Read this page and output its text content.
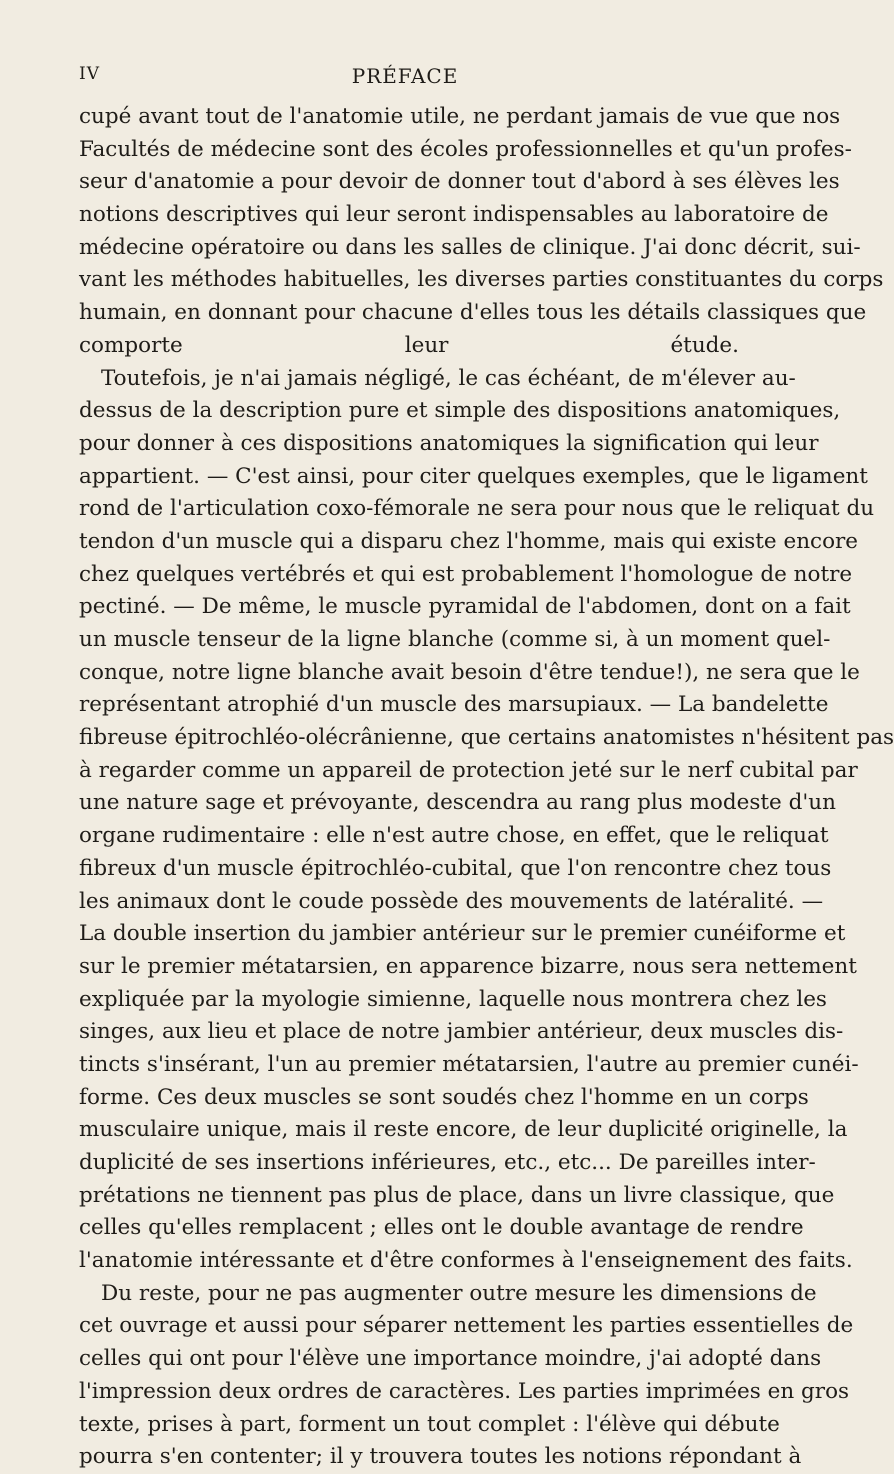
IV	PRÉFACE
cupé avant tout de l'anatomie utile, ne perdant jamais de vue que nos
Facultés de médecine sont des écoles professionnelles et qu'un profes-
seur d'anatomie a pour devoir de donner tout d'abord à ses élèves les
notions descriptives qui leur seront indispensables au laboratoire de
médecine opératoire ou dans les salles de clinique. J'ai donc décrit, sui-
vant les méthodes habituelles, les diverses parties constituantes du corps
humain, en donnant pour chacune d'elles tous les détails classiques que
comporte leur étude.
Toutefois, je n'ai jamais négligé, le cas échéant, de m'élever au-
dessus de la description pure et simple des dispositions anatomiques,
pour donner à ces dispositions anatomiques la signification qui leur
appartient. — C'est ainsi, pour citer quelques exemples, que le ligament
rond de l'articulation coxo-fémorale ne sera pour nous que le reliquat du
tendon d'un muscle qui a disparu chez l'homme, mais qui existe encore
chez quelques vertébrés et qui est probablement l'homologue de notre
pectiné. — De même, le muscle pyramidal de l'abdomen, dont on a fait
un muscle tenseur de la ligne blanche (comme si, à un moment quel-
conque, notre ligne blanche avait besoin d'être tendue!), ne sera que le
représentant atrophié d'un muscle des marsupiaux. — La bandelette
fibreuse épitrochléo-olécrânienne, que certains anatomistes n'hésitent pas
à regarder comme un appareil de protection jeté sur le nerf cubital par
une nature sage et prévoyante, descendra au rang plus modeste d'un
organe rudimentaire : elle n'est autre chose, en effet, que le reliquat
fibreux d'un muscle épitrochléo-cubital, que l'on rencontre chez tous
les animaux dont le coude possède des mouvements de latéralité. —
La double insertion du jambier antérieur sur le premier cunéiforme et
sur le premier métatarsien, en apparence bizarre, nous sera nettement
expliquée par la myologie simienne, laquelle nous montrera chez les
singes, aux lieu et place de notre jambier antérieur, deux muscles dis-
tincts s'insérant, l'un au premier métatarsien, l'autre au premier cunéi-
forme. Ces deux muscles se sont soudés chez l'homme en un corps
musculaire unique, mais il reste encore, de leur duplicité originelle, la
duplicité de ses insertions inférieures, etc., etc... De pareilles inter-
prétations ne tiennent pas plus de place, dans un livre classique, que
celles qu'elles remplacent ; elles ont le double avantage de rendre
l'anatomie intéressante et d'être conformes à l'enseignement des faits.
Du reste, pour ne pas augmenter outre mesure les dimensions de
cet ouvrage et aussi pour séparer nettement les parties essentielles de
celles qui ont pour l'élève une importance moindre, j'ai adopté dans
l'impression deux ordres de caractères. Les parties imprimées en gros
texte, prises à part, forment un tout complet : l'élève qui débute
pourra s'en contenter; il y trouvera toutes les notions répondant à
